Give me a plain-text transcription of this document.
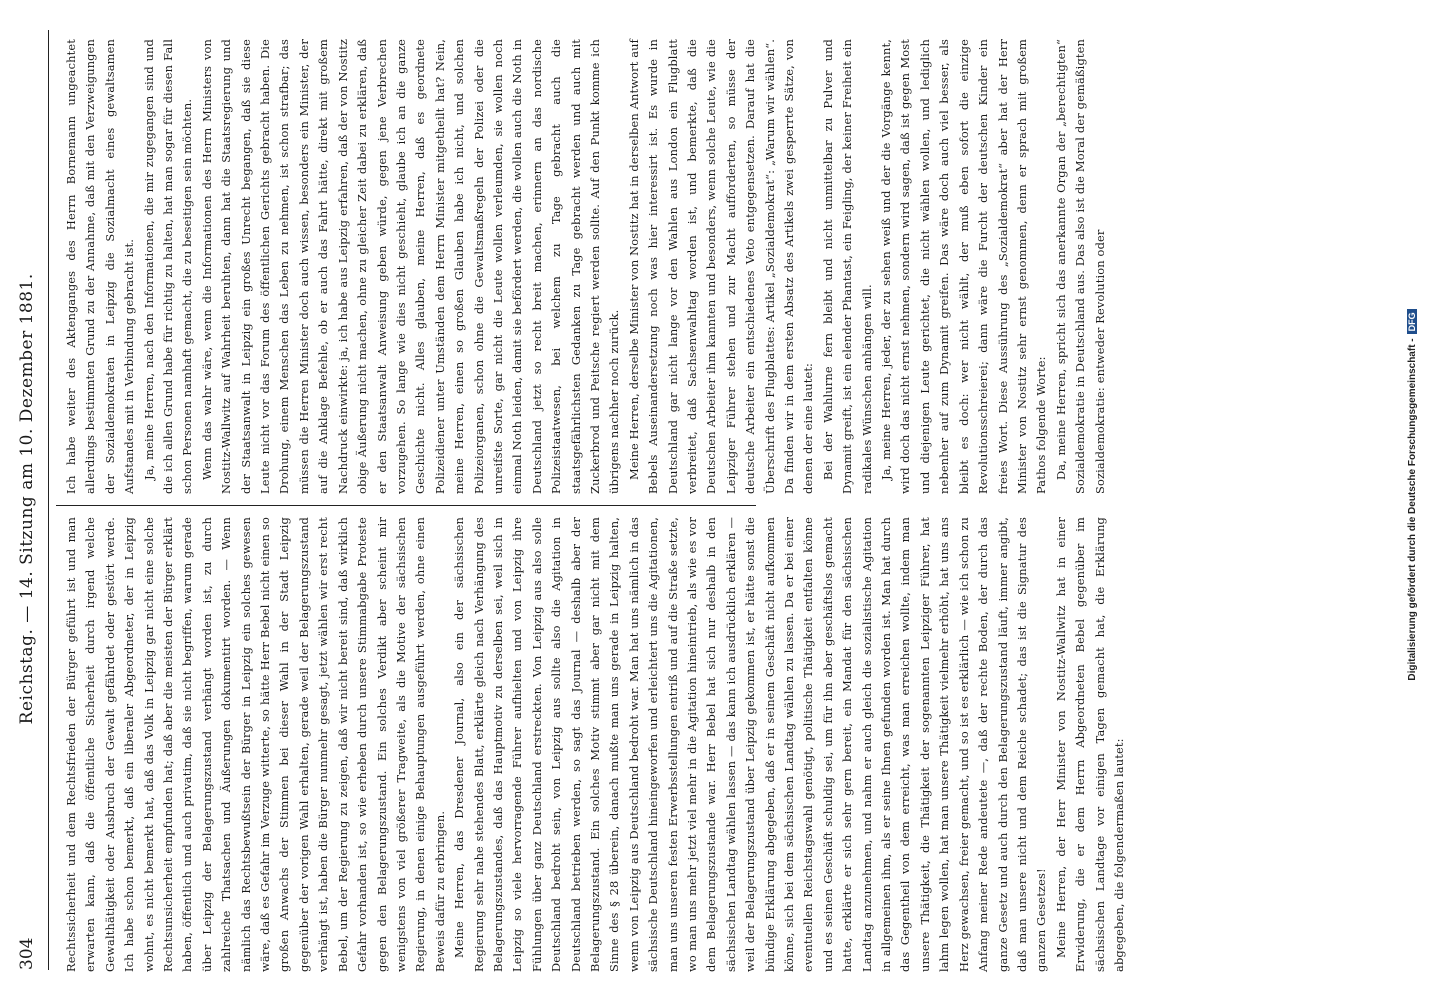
304
Reichstag. — 14. Sitzung am 10. Dezember 1881.

Rechtssicherheit und dem Rechtsfrieden der Bürger geführt ist und man erwarten kann, daß die öffentliche Sicherheit durch irgend welche Gewalthätigkeit oder Ausbruch der Gewalt gefährdet oder gestört werde. Ich habe schon bemerkt, daß ein liberaler Abgeordneter, der in Leipzig wohnt, es nicht bemerkt hat, daß das Volk in Leipzig gar nicht eine solche Rechtsunsicherheit empfunden hat; daß aber die meisten der Bürger erklärt haben, öffentlich und auch privatim, daß sie nicht begriffen, warum gerade über Leipzig der Belagerungszustand verhängt worden ist, zu durch zahlreiche Thatsachen und Äußerungen dokumentirt worden. — Wenn nämlich das Rechtsbewußtsein der Bürger in Leipzig ein solches gewesen wäre, daß es Gefahr im Verzuge witterte, so hätte Herr Bebel nicht einen so großen Anwachs der Stimmen bei dieser Wahl in der Stadt Leipzig gegenüber der vorigen Wahl erhalten, gerade weil der Belagerungszustand verhängt ist, haben die Bürger nunmehr gesagt, jetzt wählen wir erst recht Bebel, um der Regierung zu zeigen, daß wir nicht bereit sind, daß wirklich Gefahr vorhanden ist, so wie erheben durch unsere Stimmabgabe Proteste gegen den Belagerungszustand. Ein solches Verdikt aber scheint mir wenigstens von viel größerer Tragweite, als die Motive der sächsischen Regierung, in denen einige Behauptungen ausgeführt werden, ohne einen Beweis dafür zu erbringen. Meine Herren, das Dresdener Journal, also ein der sächsischen Regierung sehr nahe stehendes Blatt, erklärte gleich nach Verhängung des Belagerungszustandes, daß das Hauptmotiv zu derselben sei, weil sich in Leipzig so viele hervorragende Führer aufhielten und von Leipzig ihre Fühlungen über ganz Deutschland erstreckten. Von Leipzig aus also solle Deutschland bedroht sein, von Leipzig aus sollte also die Agitation in Deutschland betrieben werden, so sagt das Journal — deshalb aber der Belagerungszustand. Ein solches Motiv stimmt aber gar nicht mit dem Sinne des § 28 überein, danach mußte man uns gerade in Leipzig halten, wenn von Leipzig aus Deutschland bedroht war. Man hat uns nämlich in das sächsische Deutschland hineingeworfen und erleichtert uns die Agitationen, man uns unseren festen Erwerbsstellungen entriß und auf die Straße setzte, wo man uns mehr jetzt viel mehr in die Agitation hineintrieb, als wie es vor dem Belagerungszustande war. Herr Bebel hat sich nur deshalb in den sächsischen Landtag wählen lassen — das kann ich ausdrücklich erklären — weil der Belagerungszustand über Leipzig gekommen ist, er hätte sonst die bündige Erklärung abgegeben, daß er in seinem Geschäft nicht aufkommen könne, sich bei dem sächsischen Landtag wählen zu lassen. Da er bei einer eventuellen Reichstagswahl genötigt, politische Thätigkeit entfalten könne und es seinen Geschäft schuldig sei, um für ihn aber geschäftslos gemacht hatte, erklärte er sich sehr gern bereit, ein Mandat für den sächsischen Landtag anzunehmen, und nahm er auch gleich die sozialistische Agitation in allgemeinen ihm, als er seine Ihnen gefunden worden ist. Man hat durch das Gegentheil von dem erreicht, was man erreichen wollte, indem man unsere Thätigkeit, die Thätigkeit der sogenannten Leipziger Führer, hat lahm legen wollen, hat man unsere Thätigkeit vielmehr erhöht, hat uns ans Herz gewachsen, freier gemacht, und so ist es erklärlich — wie ich schon zu Anfang meiner Rede andeutete —, daß der rechte Boden, der durch das ganze Gesetz und auch durch den Belagerungszustand läuft, immer angibt, daß man unsere nicht und dem Reiche schadet; das ist die Signatur des ganzen Gesetzes! Meine Herren, der Herr Minister von Nostitz-Wallwitz hat in einer Erwiderung, die er dem Herrn Abgeordneten Bebel gegenüber im sächsischen Landtage vor einigen Tagen gemacht hat, die Erklärung abgegeben, die folgendermaßen lautet:

Ich habe weiter des Aktenganges des Herrn Bornemann ungeachtet allerdings bestimmten Grund zu der Annahme, daß mit den Verzweigungen der Sozialdemokraten in Leipzig die Sozialmacht eines gewaltsamen Aufstandes mit in Verbindung gebracht ist. Ja, meine Herren, nach den Informationen, die mir zugegangen sind und die ich allen Grund habe für richtig zu halten, hat man sogar für diesen Fall schon Personen namhaft gemacht, die zu beseitigen sein möchten. Wenn das wahr wäre, wenn die Informationen des Herrn Ministers von Nostitz-Wallwitz auf Wahrheit beruhten, dann hat die Staatsregierung und der Staatsanwalt in Leipzig ein großes Unrecht begangen, daß sie diese Leute nicht vor das Forum des öffentlichen Gerichts gebracht haben. Die Drohung, einem Menschen das Leben zu nehmen, ist schon strafbar; das müssen die Herren Minister doch auch wissen, besonders ein Minister, der auf die Anklage Befehle, ob er auch das Fahrt hätte, direkt mit großem Nachdruck einwirkte: ja, ich habe aus Leipzig erfahren, daß der von Nostitz obige Äußerung nicht machen, ohne zu gleicher Zeit dabei zu erklären, daß er den Staatsanwalt Anweisung geben würde, gegen jene Verbrechen vorzugehen. So lange wie dies nicht geschieht, glaube ich an die ganze Geschichte nicht. Alles glauben, meine Herren, daß es geordnete Polizeidiener unter Umständen dem Herrn Minister mitgetheilt hat? Nein, meine Herren, einen so großen Glauben habe ich nicht, und solchen Polizeiorganen, schon ohne die Gewaltsmaßregeln der Polizei oder die unreifste Sorte, gar nicht die Leute wollen verleumden, sie wollen noch einmal Noth leiden, damit sie befördert werden, die wollen auch die Noth in Deutschland jetzt so recht breit machen, erinnern an das nordische Polizeistaatwesen, bei welchem zu Tage gebracht auch die staatsgefährlichsten Gedanken zu Tage gebracht werden und auch mit Zuckerbrod und Peitsche regiert werden sollte. Auf den Punkt komme ich übrigens nachher noch zurück. Meine Herren, derselbe Minister von Nostitz hat in derselben Antwort auf Bebels Auseinandersetzung noch was hier interessirt ist. Es wurde in Deutschland gar nicht lange vor den Wahlen aus London ein Flugblatt verbreitet, daß Sachsenwahltag worden ist, und bemerkte, daß die Deutschen Arbeiter ihm kannten und besonders, wenn solche Leute, wie die Leipziger Führer stehen und zur Macht aufforderten, so müsse der deutsche Arbeiter ein entschiedenes Veto entgegensetzen. Darauf hat die Überschrift des Flugblattes: Artikel „Sozialdemokrat“: „Warum wir wählen“. Da finden wir in dem ersten Absatz des Artikels zwei gesperrte Sätze, von denen der eine lautet: Bei der Wahlurne fern bleibt und nicht unmittelbar zu Pulver und Dynamit greift, ist ein elender Phantast, ein Feigling, der keiner Freiheit ein radikales Wünschen anhängen will. Ja, meine Herren, jeder, der zu sehen weiß und der die Vorgänge kennt, wird doch das nicht ernst nehmen, sondern wird sagen, daß ist gegen Most und diejenigen Leute gerichtet, die nicht wählen wollen, und lediglich nebenher auf zum Dynamit greifen. Das wäre doch auch viel besser, als bleibt es doch: wer nicht wählt, der muß eben sofort die einzige Revolutionsschreierei; dann wäre die Furcht der deutschen Kinder ein freies Wort. Diese Aussührung des „Sozialdemokrat“ aber hat der Herr Minister von Nostitz sehr ernst genommen, denn er sprach mit großem Pathos folgende Worte: Da, meine Herren, spricht sich das anerkannte Organ der „berechtigten“ Sozialdemokratie in Deutschland aus. Das also ist die Moral der gemäßigten Sozialdemokratie: entweder Revolution oder	Digitalisierung gefördert durch die Deutsche Forschungsgemeinschaft -DFG
